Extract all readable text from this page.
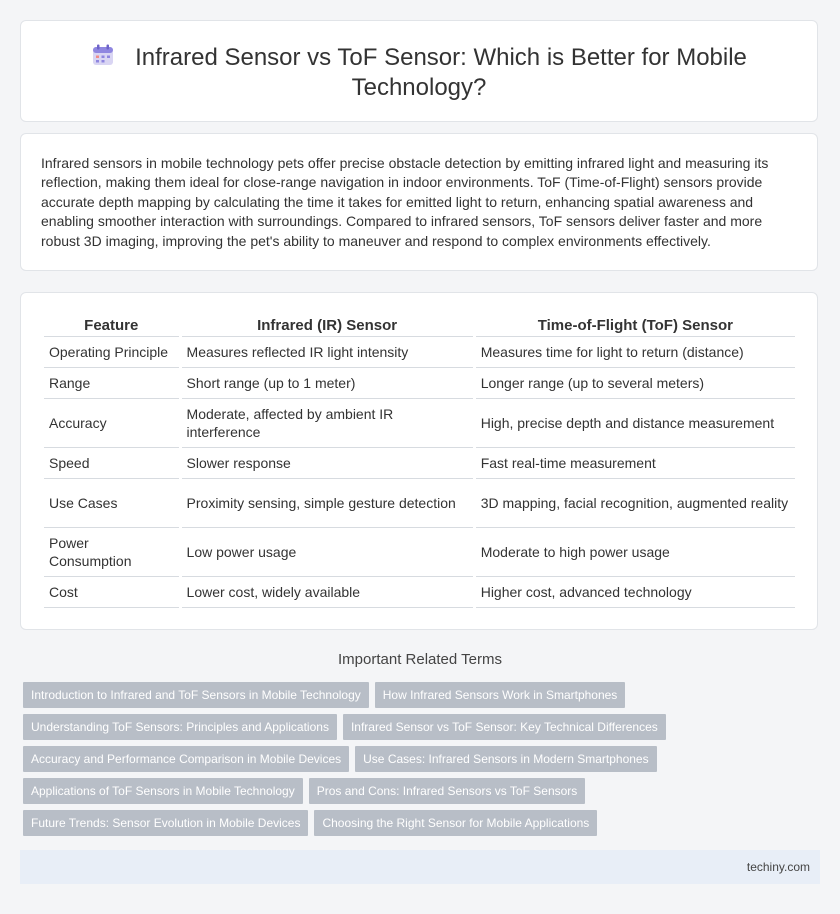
Infrared Sensor vs ToF Sensor: Which is Better for Mobile Technology?

Infrared sensors in mobile technology pets offer precise obstacle detection by emitting infrared light and measuring its reflection, making them ideal for close-range navigation in indoor environments. ToF (Time-of-Flight) sensors provide accurate depth mapping by calculating the time it takes for emitted light to return, enhancing spatial awareness and enabling smoother interaction with surroundings. Compared to infrared sensors, ToF sensors deliver faster and more robust 3D imaging, improving the pet's ability to maneuver and respond to complex environments effectively.

Feature	Infrared (IR) Sensor	Time-of-Flight (ToF) Sensor
Operating Principle	Measures reflected IR light intensity	Measures time for light to return (distance)
Range	Short range (up to 1 meter)	Longer range (up to several meters)
Accuracy	Moderate, affected by ambient IR interference	High, precise depth and distance measurement
Speed	Slower response	Fast real-time measurement
Use Cases	Proximity sensing, simple gesture detection	3D mapping, facial recognition, augmented reality
Power Consumption	Low power usage	Moderate to high power usage
Cost	Lower cost, widely available	Higher cost, advanced technology
Important Related Terms
Introduction to Infrared and ToF Sensors in Mobile Technology How Infrared Sensors Work in Smartphones
Understanding ToF Sensors: Principles and Applications Infrared Sensor vs ToF Sensor: Key Technical Differences
Accuracy and Performance Comparison in Mobile Devices Use Cases: Infrared Sensors in Modern Smartphones
Applications of ToF Sensors in Mobile Technology Pros and Cons: Infrared Sensors vs ToF Sensors
Future Trends: Sensor Evolution in Mobile Devices Choosing the Right Sensor for Mobile Applications
techiny.com
